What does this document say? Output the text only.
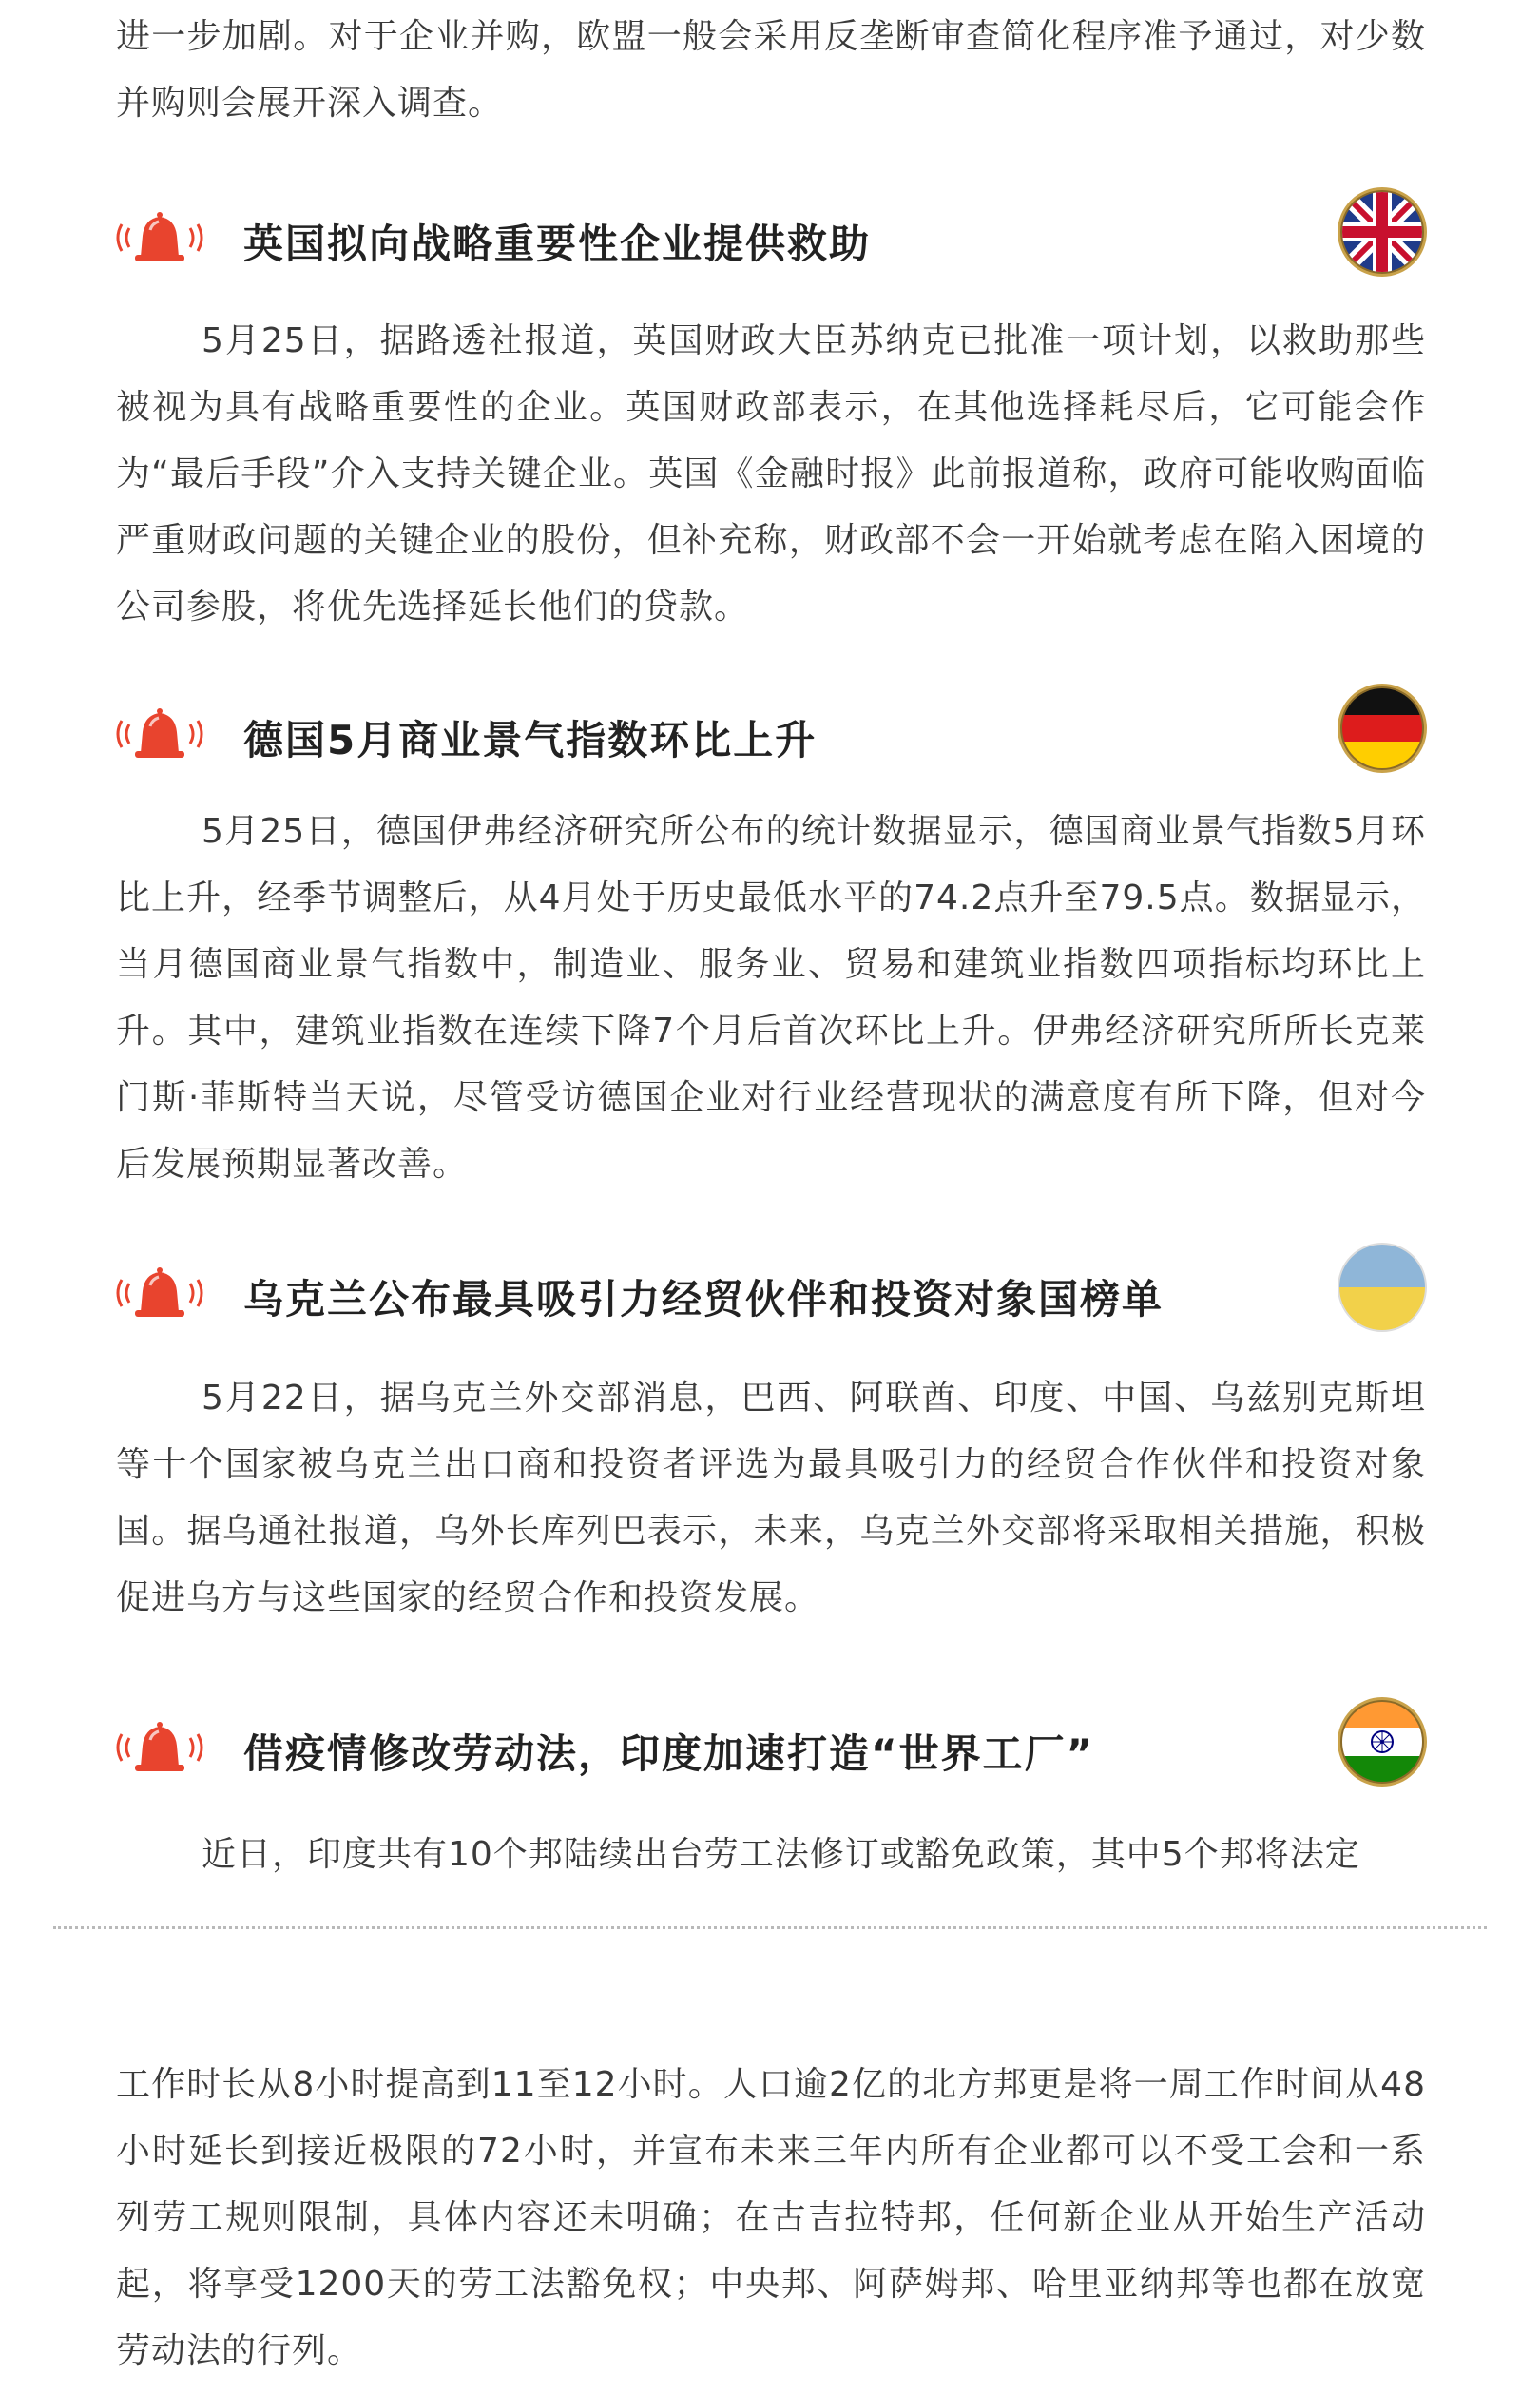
进一步加剧。对于企业并购，欧盟一般会采用反垄断审查简化程序准予通过，对少数并购则会展开深入调查。

英国拟向战略重要性企业提供救助

5月25日，据路透社报道，英国财政大臣苏纳克已批准一项计划，以救助那些被视为具有战略重要性的企业。英国财政部表示，在其他选择耗尽后，它可能会作为“最后手段”介入支持关键企业。英国《金融时报》此前报道称，政府可能收购面临严重财政问题的关键企业的股份，但补充称，财政部不会一开始就考虑在陷入困境的公司参股，将优先选择延长他们的贷款。

德国5月商业景气指数环比上升

5月25日，德国伊弗经济研究所公布的统计数据显示，德国商业景气指数5月环比上升，经季节调整后，从4月处于历史最低水平的74.2点升至79.5点。数据显示，当月德国商业景气指数中，制造业、服务业、贸易和建筑业指数四项指标均环比上升。其中，建筑业指数在连续下降7个月后首次环比上升。伊弗经济研究所所长克莱门斯·菲斯特当天说，尽管受访德国企业对行业经营现状的满意度有所下降，但对今后发展预期显著改善。

乌克兰公布最具吸引力经贸伙伴和投资对象国榜单

5月22日，据乌克兰外交部消息，巴西、阿联酋、印度、中国、乌兹别克斯坦等十个国家被乌克兰出口商和投资者评选为最具吸引力的经贸合作伙伴和投资对象国。据乌通社报道，乌外长库列巴表示，未来，乌克兰外交部将采取相关措施，积极促进乌方与这些国家的经贸合作和投资发展。

借疫情修改劳动法，印度加速打造“世界工厂”

近日，印度共有10个邦陆续出台劳工法修订或豁免政策，其中5个邦将法定

工作时长从8小时提高到11至12小时。人口逾2亿的北方邦更是将一周工作时间从48小时延长到接近极限的72小时，并宣布未来三年内所有企业都可以不受工会和一系列劳工规则限制，具体内容还未明确；在古吉拉特邦，任何新企业从开始生产活动起，将享受1200天的劳工法豁免权；中央邦、阿萨姆邦、哈里亚纳邦等也都在放宽劳动法的行列。
